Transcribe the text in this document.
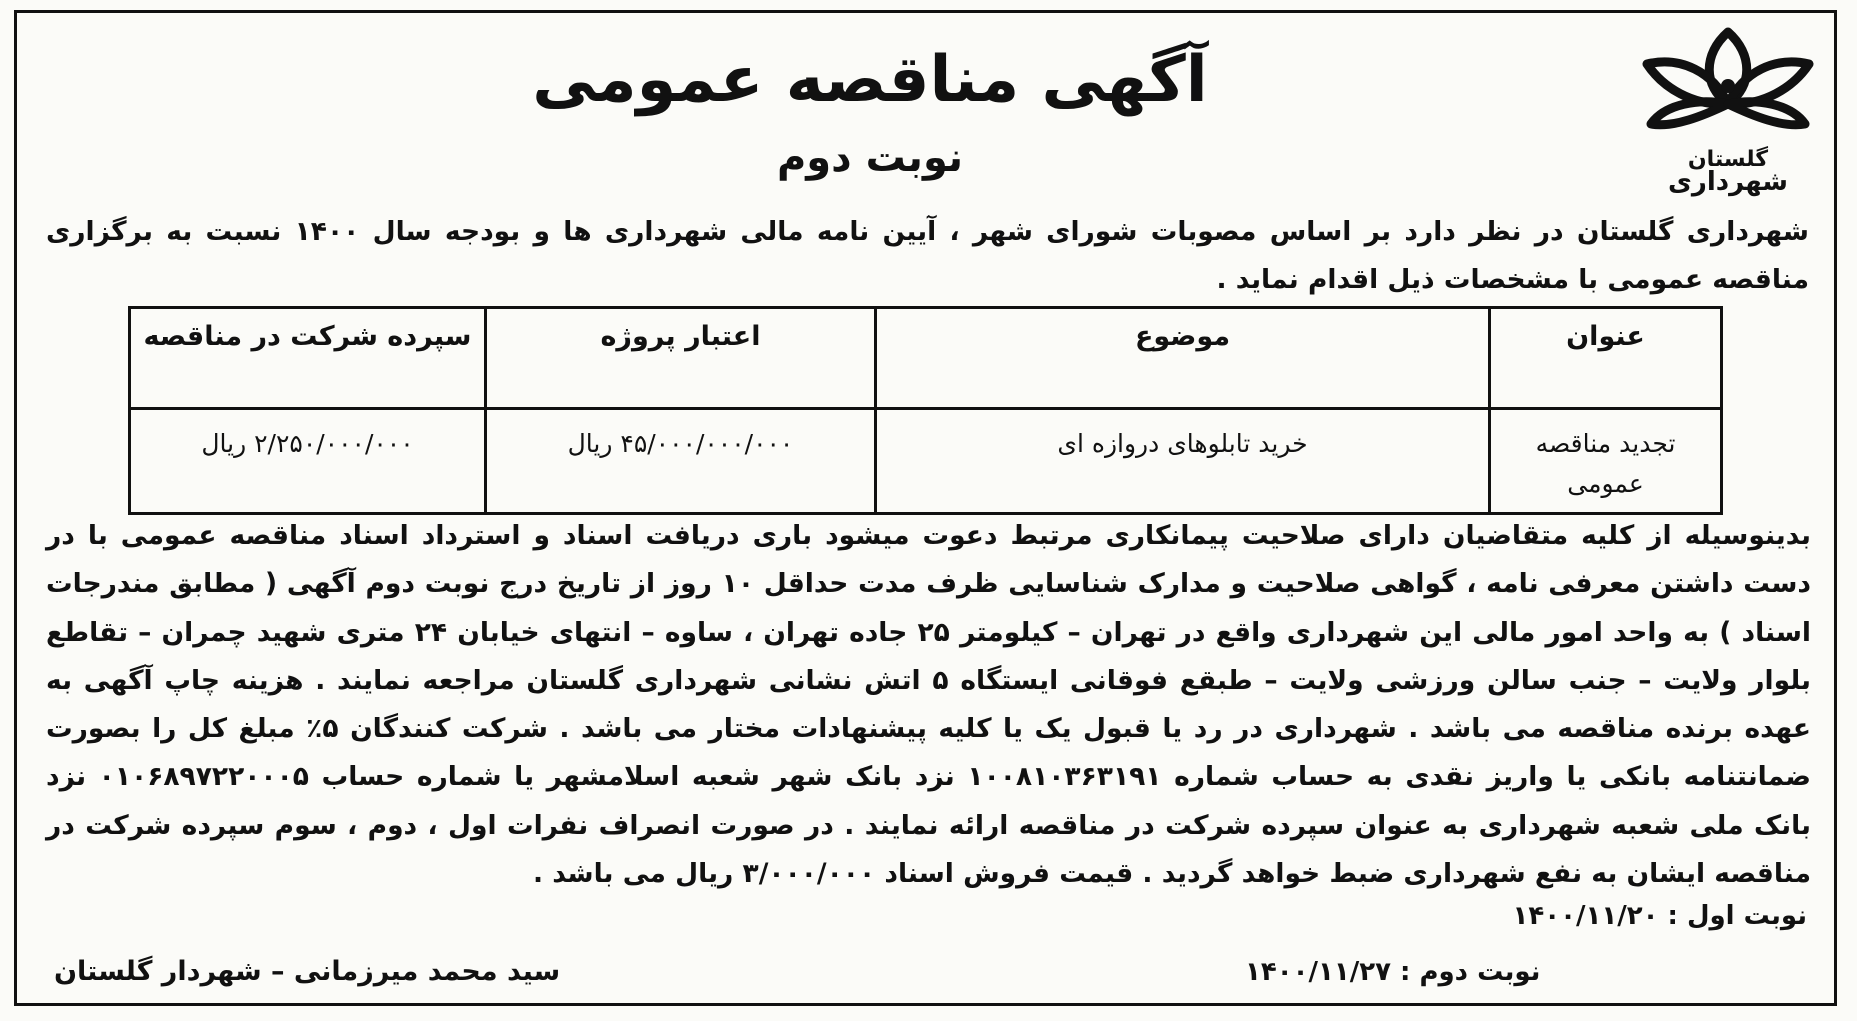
گلستان
شهرداری
آگهی مناقصه عمومی
نوبت دوم
شهرداری گلستان در نظر دارد بر اساس مصوبات شورای شهر ، آیین نامه مالی شهرداری ها و بودجه سال ۱۴۰۰ نسبت به برگزاری مناقصه عمومی با مشخصات ذیل اقدام نماید .
عنوان	موضوع	اعتبار پروژه	سپرده شرکت در مناقصه
تجدید مناقصه عمومی	خرید تابلوهای دروازه ای	۴۵/۰۰۰/۰۰۰/۰۰۰ ریال	۲/۲۵۰/۰۰۰/۰۰۰ ریال
بدینوسیله از کلیه متقاضیان دارای صلاحیت پیمانکاری مرتبط دعوت میشود باری دریافت اسناد و استرداد اسناد مناقصه عمومی با در دست داشتن معرفی نامه ، گواهی صلاحیت و مدارک شناسایی ظرف مدت حداقل ۱۰ روز از تاریخ درج نوبت دوم آگهی ( مطابق مندرجات اسناد ) به واحد امور مالی این شهرداری واقع در تهران – کیلومتر ۲۵ جاده تهران ، ساوه – انتهای خیابان ۲۴ متری شهید چمران – تقاطع بلوار ولایت – جنب سالن ورزشی ولایت – طبقع فوقانی ایستگاه ۵ اتش نشانی شهرداری گلستان مراجعه نمایند . هزینه چاپ آگهی به عهده برنده مناقصه می باشد . شهرداری در رد یا قبول یک یا کلیه پیشنهادات مختار می باشد . شرکت کنندگان ۵٪ مبلغ کل را بصورت ضمانتنامه بانکی یا واریز نقدی به حساب شماره ۱۰۰۸۱۰۳۶۳۱۹۱ نزد بانک شهر شعبه اسلامشهر یا شماره حساب ۰۱۰۶۸۹۷۲۲۰۰۰۵ نزد بانک ملی شعبه شهرداری به عنوان سپرده شرکت در مناقصه ارائه نمایند . در صورت انصراف نفرات اول ، دوم ، سوم سپرده شرکت در مناقصه ایشان به نفع شهرداری ضبط خواهد گردید . قیمت فروش اسناد ۳/۰۰۰/۰۰۰ ریال می باشد .
نوبت اول : ۱۴۰۰/۱۱/۲۰
نوبت دوم : ۱۴۰۰/۱۱/۲۷
سید محمد میرزمانی – شهردار گلستان
